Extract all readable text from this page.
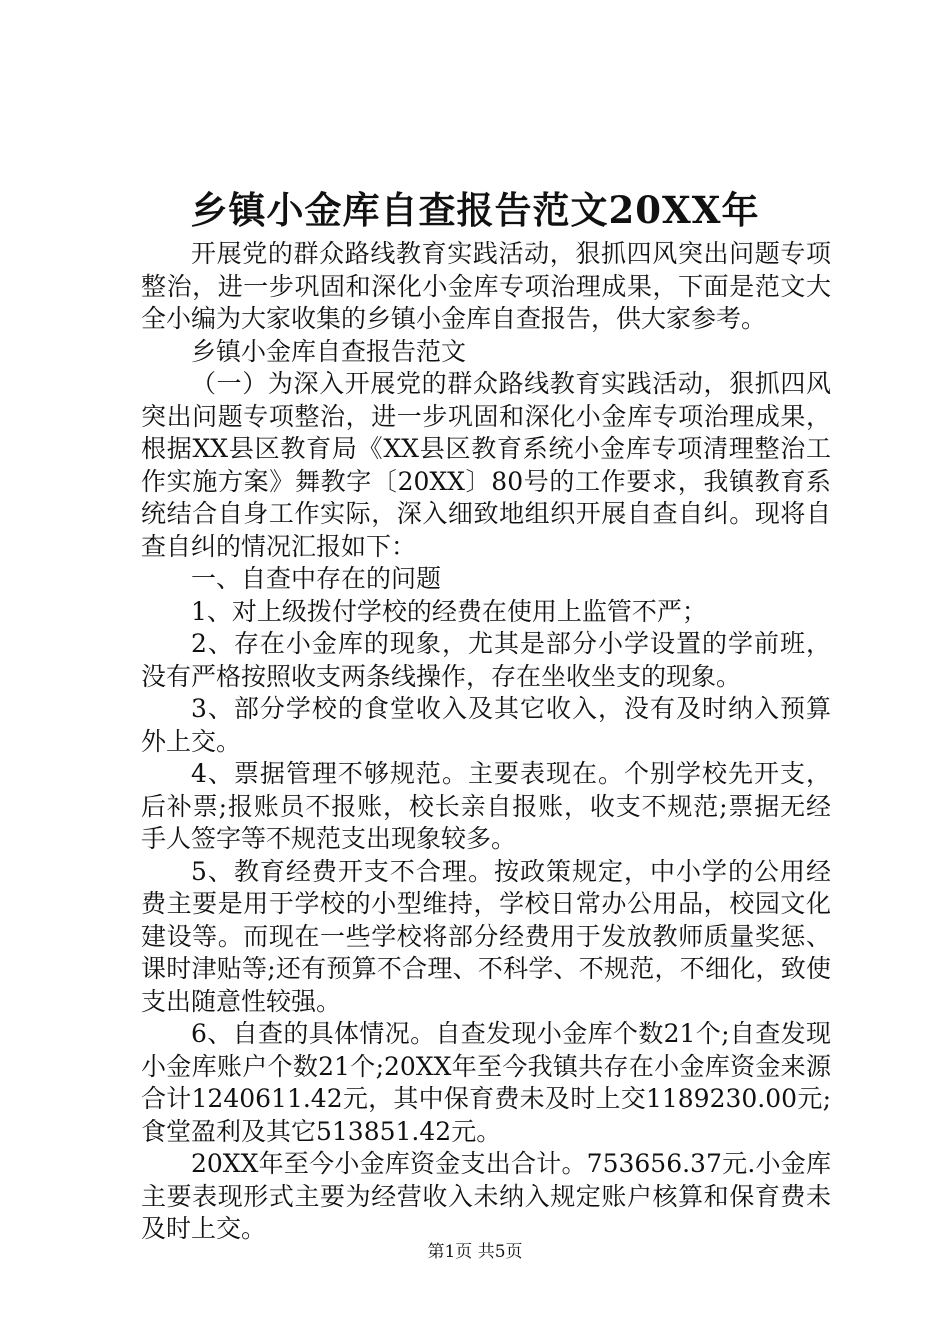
乡镇小金库自查报告范文20XX年

开展党的群众路线教育实践活动，狠抓四风突出问题专项整治，进一步巩固和深化小金库专项治理成果，下面是范文大全小编为大家收集的乡镇小金库自查报告，供大家参考。

乡镇小金库自查报告范文

（一）为深入开展党的群众路线教育实践活动，狠抓四风突出问题专项整治，进一步巩固和深化小金库专项治理成果，根据XX县区教育局《XX县区教育系统小金库专项清理整治工作实施方案》舞教字〔20XX〕80号的工作要求，我镇教育系统结合自身工作实际，深入细致地组织开展自查自纠。现将自查自纠的情况汇报如下：

一、自查中存在的问题

1、对上级拨付学校的经费在使用上监管不严；

2、存在小金库的现象，尤其是部分小学设置的学前班，没有严格按照收支两条线操作，存在坐收坐支的现象。

3、部分学校的食堂收入及其它收入，没有及时纳入预算外上交。

4、票据管理不够规范。主要表现在。个别学校先开支，后补票;报账员不报账，校长亲自报账，收支不规范;票据无经手人签字等不规范支出现象较多。

5、教育经费开支不合理。按政策规定，中小学的公用经费主要是用于学校的小型维持，学校日常办公用品，校园文化建设等。而现在一些学校将部分经费用于发放教师质量奖惩、课时津贴等;还有预算不合理、不科学、不规范，不细化，致使支出随意性较强。

6、自查的具体情况。自查发现小金库个数21个;自查发现小金库账户个数21个;20XX年至今我镇共存在小金库资金来源合计1240611.42元，其中保育费未及时上交1189230.00元;食堂盈利及其它513851.42元。

20XX年至今小金库资金支出合计。753656.37元.小金库主要表现形式主要为经营收入未纳入规定账户核算和保育费未及时上交。

第1页 共5页
